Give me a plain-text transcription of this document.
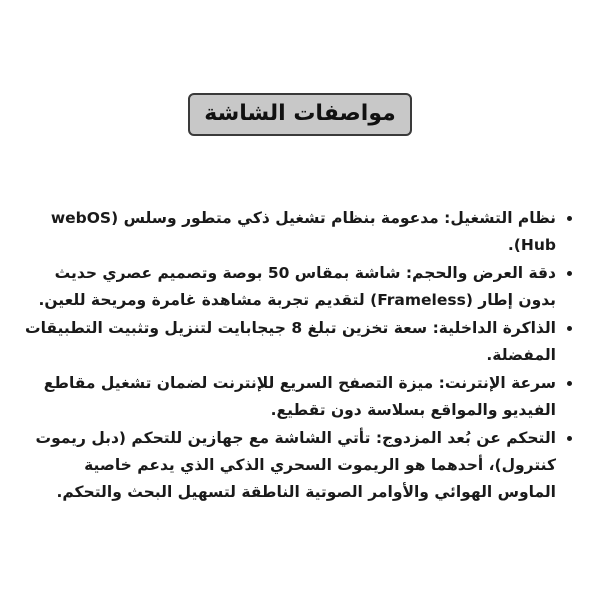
مواصفات الشاشة
• نظام التشغيل: مدعومة بنظام تشغيل ذكي متطور وسلس (webOS Hub).
• دقة العرض والحجم: شاشة بمقاس 50 بوصة وتصميم عصري حديث بدون إطار (Frameless) لتقديم تجربة مشاهدة غامرة ومريحة للعين.
• الذاكرة الداخلية: سعة تخزين تبلغ 8 جيجابايت لتنزيل وتثبيت التطبيقات المفضلة.
• سرعة الإنترنت: ميزة التصفح السريع للإنترنت لضمان تشغيل مقاطع الفيديو والمواقع بسلاسة دون تقطيع.
• التحكم عن بُعد المزدوج: تأتي الشاشة مع جهازين للتحكم (دبل ريموت كنترول)، أحدهما هو الريموت السحري الذكي الذي يدعم خاصية الماوس الهوائي والأوامر الصوتية الناطقة لتسهيل البحث والتحكم.
